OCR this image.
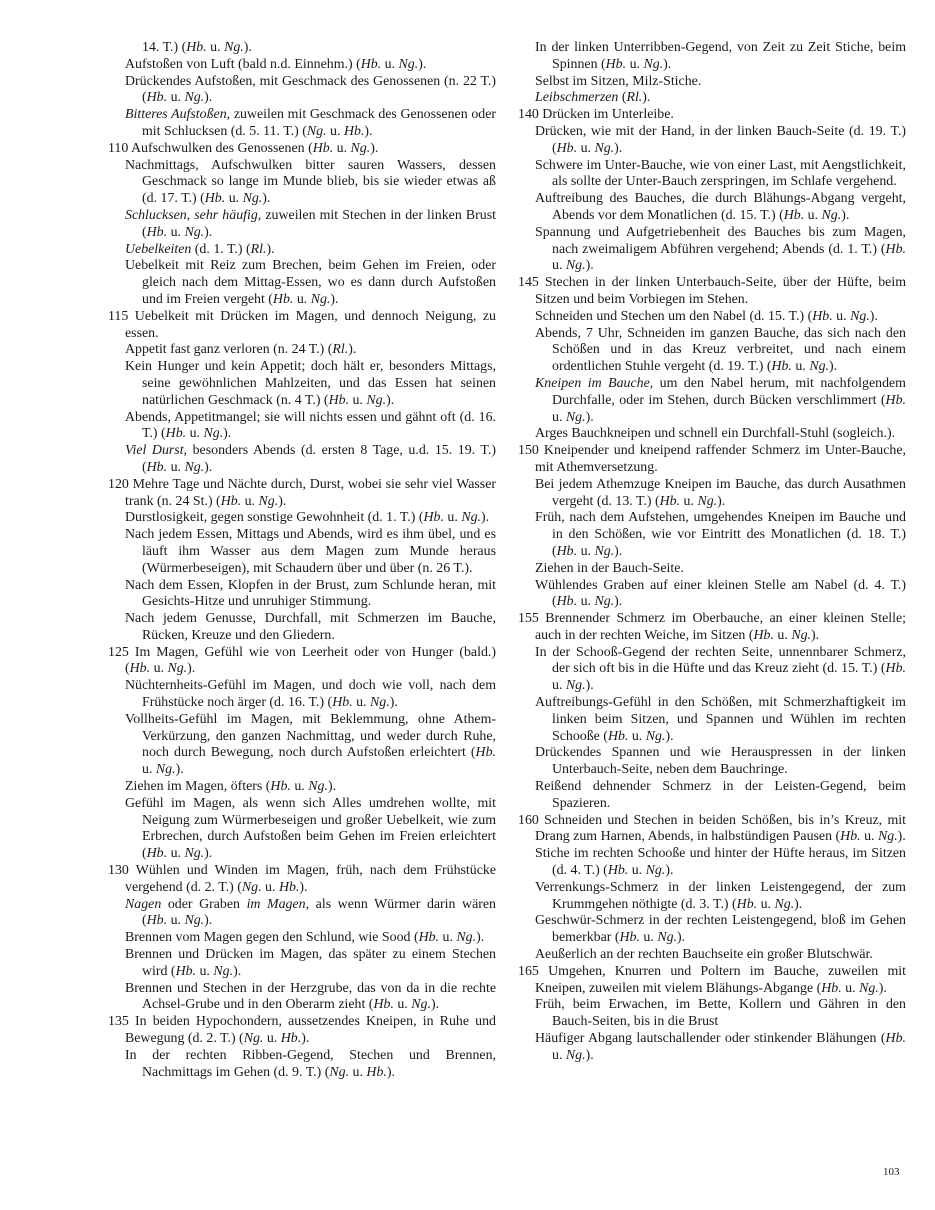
14. T.) (Hb. u. Ng.).

Aufstoßen von Luft (bald n.d. Einnehm.) (Hb. u. Ng.).

Drückendes Aufstoßen, mit Geschmack des Genossenen (n. 22 T.) (Hb. u. Ng.).

Bitteres Aufstoßen, zuweilen mit Geschmack des Genossenen oder mit Schlucksen (d. 5. 11. T.) (Ng. u. Hb.).

110 Aufschwulken des Genossenen (Hb. u. Ng.).

Nachmittags, Aufschwulken bitter sauren Wassers, dessen Geschmack so lange im Munde blieb, bis sie wieder etwas aß (d. 17. T.) (Hb. u. Ng.).

Schlucksen, sehr häufig, zuweilen mit Stechen in der linken Brust (Hb. u. Ng.).

Uebelkeiten (d. 1. T.) (Rl.).

Uebelkeit mit Reiz zum Brechen, beim Gehen im Freien, oder gleich nach dem Mittag-Essen, wo es dann durch Aufstoßen und im Freien vergeht (Hb. u. Ng.).

115 Uebelkeit mit Drücken im Magen, und dennoch Neigung, zu essen.

Appetit fast ganz verloren (n. 24 T.) (Rl.).

Kein Hunger und kein Appetit; doch hält er, besonders Mittags, seine gewöhnlichen Mahlzeiten, und das Essen hat seinen natürlichen Geschmack (n. 4 T.) (Hb. u. Ng.).

Abends, Appetitmangel; sie will nichts essen und gähnt oft (d. 16. T.) (Hb. u. Ng.).

Viel Durst, besonders Abends (d. ersten 8 Tage, u.d. 15. 19. T.) (Hb. u. Ng.).

120 Mehre Tage und Nächte durch, Durst, wobei sie sehr viel Wasser trank (n. 24 St.) (Hb. u. Ng.).

Durstlosigkeit, gegen sonstige Gewohnheit (d. 1. T.) (Hb. u. Ng.).

Nach jedem Essen, Mittags und Abends, wird es ihm übel, und es läuft ihm Wasser aus dem Magen zum Munde heraus (Würmerbeseigen), mit Schaudern über und über (n. 26 T.).

Nach dem Essen, Klopfen in der Brust, zum Schlunde heran, mit Gesichts-Hitze und unruhiger Stimmung.

Nach jedem Genusse, Durchfall, mit Schmerzen im Bauche, Rücken, Kreuze und den Gliedern.

125 Im Magen, Gefühl wie von Leerheit oder von Hunger (bald.) (Hb. u. Ng.).

Nüchternheits-Gefühl im Magen, und doch wie voll, nach dem Frühstücke noch ärger (d. 16. T.) (Hb. u. Ng.).

Vollheits-Gefühl im Magen, mit Beklemmung, ohne Athem-Verkürzung, den ganzen Nachmittag, und weder durch Ruhe, noch durch Bewegung, noch durch Aufstoßen erleichtert (Hb. u. Ng.).

Ziehen im Magen, öfters (Hb. u. Ng.).

Gefühl im Magen, als wenn sich Alles umdrehen wollte, mit Neigung zum Würmerbeseigen und großer Uebelkeit, wie zum Erbrechen, durch Aufstoßen beim Gehen im Freien erleichtert (Hb. u. Ng.).

130 Wühlen und Winden im Magen, früh, nach dem Frühstücke vergehend (d. 2. T.) (Ng. u. Hb.).

Nagen oder Graben im Magen, als wenn Würmer darin wären (Hb. u. Ng.).

Brennen vom Magen gegen den Schlund, wie Sood (Hb. u. Ng.).

Brennen und Drücken im Magen, das später zu einem Stechen wird (Hb. u. Ng.).

Brennen und Stechen in der Herzgrube, das von da in die rechte Achsel-Grube und in den Oberarm zieht (Hb. u. Ng.).

135 In beiden Hypochondern, aussetzendes Kneipen, in Ruhe und Bewegung (d. 2. T.) (Ng. u. Hb.).

In der rechten Ribben-Gegend, Stechen und Brennen, Nachmittags im Gehen (d. 9. T.) (Ng. u. Hb.).

In der linken Unterribben-Gegend, von Zeit zu Zeit Stiche, beim Spinnen (Hb. u. Ng.).

Selbst im Sitzen, Milz-Stiche.

Leibschmerzen (Rl.).

140 Drücken im Unterleibe.

Drücken, wie mit der Hand, in der linken Bauch-Seite (d. 19. T.) (Hb. u. Ng.).

Schwere im Unter-Bauche, wie von einer Last, mit Aengstlichkeit, als sollte der Unter-Bauch zerspringen, im Schlafe vergehend.

Auftreibung des Bauches, die durch Blähungs-Abgang vergeht, Abends vor dem Monatlichen (d. 15. T.) (Hb. u. Ng.).

Spannung und Aufgetriebenheit des Bauches bis zum Magen, nach zweimaligem Abführen vergehend; Abends (d. 1. T.) (Hb. u. Ng.).

145 Stechen in der linken Unterbauch-Seite, über der Hüfte, beim Sitzen und beim Vorbiegen im Stehen.

Schneiden und Stechen um den Nabel (d. 15. T.) (Hb. u. Ng.).

Abends, 7 Uhr, Schneiden im ganzen Bauche, das sich nach den Schößen und in das Kreuz verbreitet, und nach einem ordentlichen Stuhle vergeht (d. 19. T.) (Hb. u. Ng.).

Kneipen im Bauche, um den Nabel herum, mit nachfolgendem Durchfalle, oder im Stehen, durch Bücken verschlimmert (Hb. u. Ng.).

Arges Bauchkneipen und schnell ein Durchfall-Stuhl (sogleich.).

150 Kneipender und kneipend raffender Schmerz im Unter-Bauche, mit Athemversetzung.

Bei jedem Athemzuge Kneipen im Bauche, das durch Ausathmen vergeht (d. 13. T.) (Hb. u. Ng.).

Früh, nach dem Aufstehen, umgehendes Kneipen im Bauche und in den Schößen, wie vor Eintritt des Monatlichen (d. 18. T.) (Hb. u. Ng.).

Ziehen in der Bauch-Seite.

Wühlendes Graben auf einer kleinen Stelle am Nabel (d. 4. T.) (Hb. u. Ng.).

155 Brennender Schmerz im Oberbauche, an einer kleinen Stelle; auch in der rechten Weiche, im Sitzen (Hb. u. Ng.).

In der Schooß-Gegend der rechten Seite, unnennbarer Schmerz, der sich oft bis in die Hüfte und das Kreuz zieht (d. 15. T.) (Hb. u. Ng.).

Auftreibungs-Gefühl in den Schößen, mit Schmerzhaftigkeit im linken beim Sitzen, und Spannen und Wühlen im rechten Schooße (Hb. u. Ng.).

Drückendes Spannen und wie Herauspressen in der linken Unterbauch-Seite, neben dem Bauchringe.

Reißend dehnender Schmerz in der Leisten-Gegend, beim Spazieren.

160 Schneiden und Stechen in beiden Schößen, bis in’s Kreuz, mit Drang zum Harnen, Abends, in halbstündigen Pausen (Hb. u. Ng.).

Stiche im rechten Schooße und hinter der Hüfte heraus, im Sitzen (d. 4. T.) (Hb. u. Ng.).

Verrenkungs-Schmerz in der linken Leistengegend, der zum Krummgehen nöthigte (d. 3. T.) (Hb. u. Ng.).

Geschwür-Schmerz in der rechten Leistengegend, bloß im Gehen bemerkbar (Hb. u. Ng.).

Aeußerlich an der rechten Bauchseite ein großer Blutschwär.

165 Umgehen, Knurren und Poltern im Bauche, zuweilen mit Kneipen, zuweilen mit vielem Blähungs-Abgange (Hb. u. Ng.).

Früh, beim Erwachen, im Bette, Kollern und Gähren in den Bauch-Seiten, bis in die Brust

Häufiger Abgang lautschallender oder stinkender Blähungen (Hb. u. Ng.).

103
